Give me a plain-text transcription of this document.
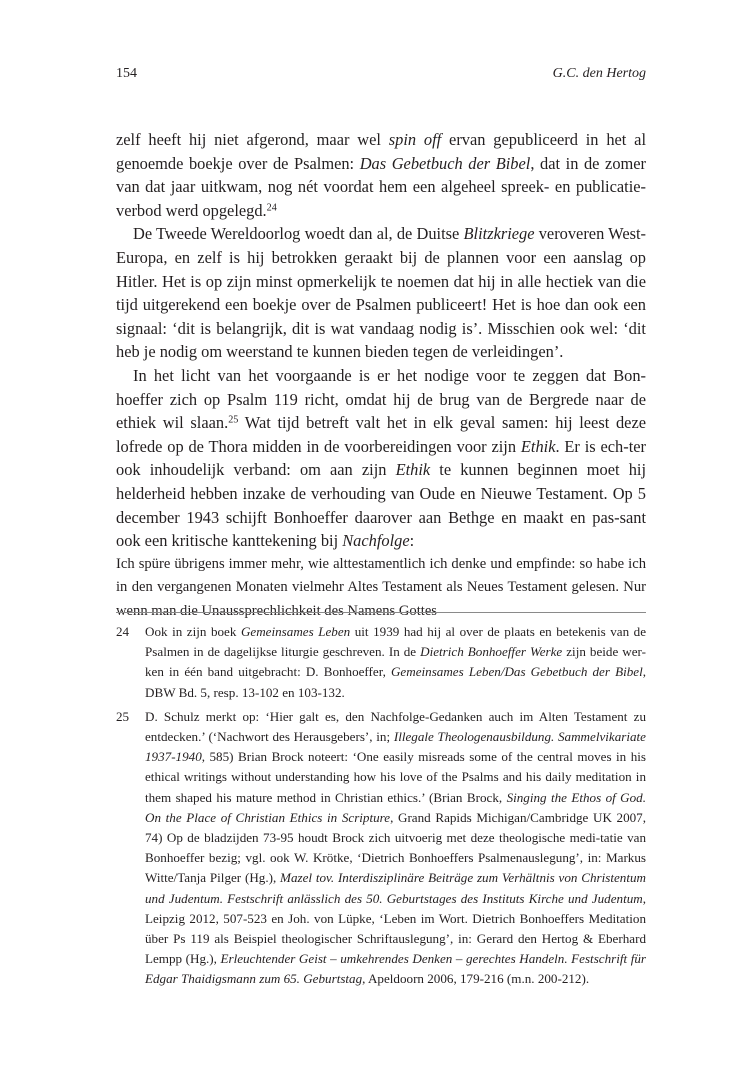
154	G.C. den Hertog

zelf heeft hij niet afgerond, maar wel spin off ervan gepubliceerd in het al genoemde boekje over de Psalmen: Das Gebetbuch der Bibel, dat in de zomer van dat jaar uitkwam, nog nét voordat hem een algeheel spreek- en publicatie-verbod werd opgelegd.$^{24}$

De Tweede Wereldoorlog woedt dan al, de Duitse Blitzkriege veroveren West-Europa, en zelf is hij betrokken geraakt bij de plannen voor een aanslag op Hitler. Het is op zijn minst opmerkelijk te noemen dat hij in alle hectiek van die tijd uitgerekend een boekje over de Psalmen publiceert! Het is hoe dan ook een signaal: ‘dit is belangrijk, dit is wat vandaag nodig is’. Misschien ook wel: ‘dit heb je nodig om weerstand te kunnen bieden tegen de verleidingen’.

In het licht van het voorgaande is er het nodige voor te zeggen dat Bon-hoeffer zich op Psalm 119 richt, omdat hij de brug van de Bergrede naar de ethiek wil slaan.$^{25}$ Wat tijd betreft valt het in elk geval samen: hij leest deze lofrede op de Thora midden in de voorbereidingen voor zijn Ethik. Er is ech-ter ook inhoudelijk verband: om aan zijn Ethik te kunnen beginnen moet hij helderheid hebben inzake de verhouding van Oude en Nieuwe Testament. Op 5 december 1943 schijft Bonhoeffer daarover aan Bethge en maakt en pas-sant ook een kritische kanttekening bij Nachfolge:

Ich spüre übrigens immer mehr, wie alttestamentlich ich denke und empfinde: so habe ich in den vergangenen Monaten vielmehr Altes Testament als Neues Testament gelesen. Nur wenn man die Unaussprechlichkeit des Namens Gottes

24 Ook in zijn boek Gemeinsames Leben uit 1939 had hij al over de plaats en betekenis van de Psalmen in de dagelijkse liturgie geschreven. In de Dietrich Bonhoeffer Werke zijn beide wer-ken in één band uitgebracht: D. Bonhoeffer, Gemeinsames Leben/Das Gebetbuch der Bibel, DBW Bd. 5, resp. 13-102 en 103-132.
25 D. Schulz merkt op: ‘Hier galt es, den Nachfolge-Gedanken auch im Alten Testament zu entdecken.’ (‘Nachwort des Herausgebers’, in; Illegale Theologenausbildung. Sammelvikariate 1937-1940, 585) Brian Brock noteert: ‘One easily misreads some of the central moves in his ethical writings without understanding how his love of the Psalms and his daily meditation in them shaped his mature method in Christian ethics.’ (Brian Brock, Singing the Ethos of God. On the Place of Christian Ethics in Scripture, Grand Rapids Michigan/Cambridge UK 2007, 74) Op de bladzijden 73-95 houdt Brock zich uitvoerig met deze theologische medi-tatie van Bonhoeffer bezig; vgl. ook W. Krötke, ‘Dietrich Bonhoeffers Psalmenauslegung’, in: Markus Witte/Tanja Pilger (Hg.), Mazel tov. Interdisziplinäre Beiträge zum Verhältnis von Christentum und Judentum. Festschrift anlässlich des 50. Geburtstages des Instituts Kirche und Judentum, Leipzig 2012, 507-523 en Joh. von Lüpke, ‘Leben im Wort. Dietrich Bonhoeffers Meditation über Ps 119 als Beispiel theologischer Schriftauslegung’, in: Gerard den Hertog & Eberhard Lempp (Hg.), Erleuchtender Geist – umkehrendes Denken – gerechtes Handeln. Festschrift für Edgar Thaidigsmann zum 65. Geburtstag, Apeldoorn 2006, 179-216 (m.n. 200-212).
